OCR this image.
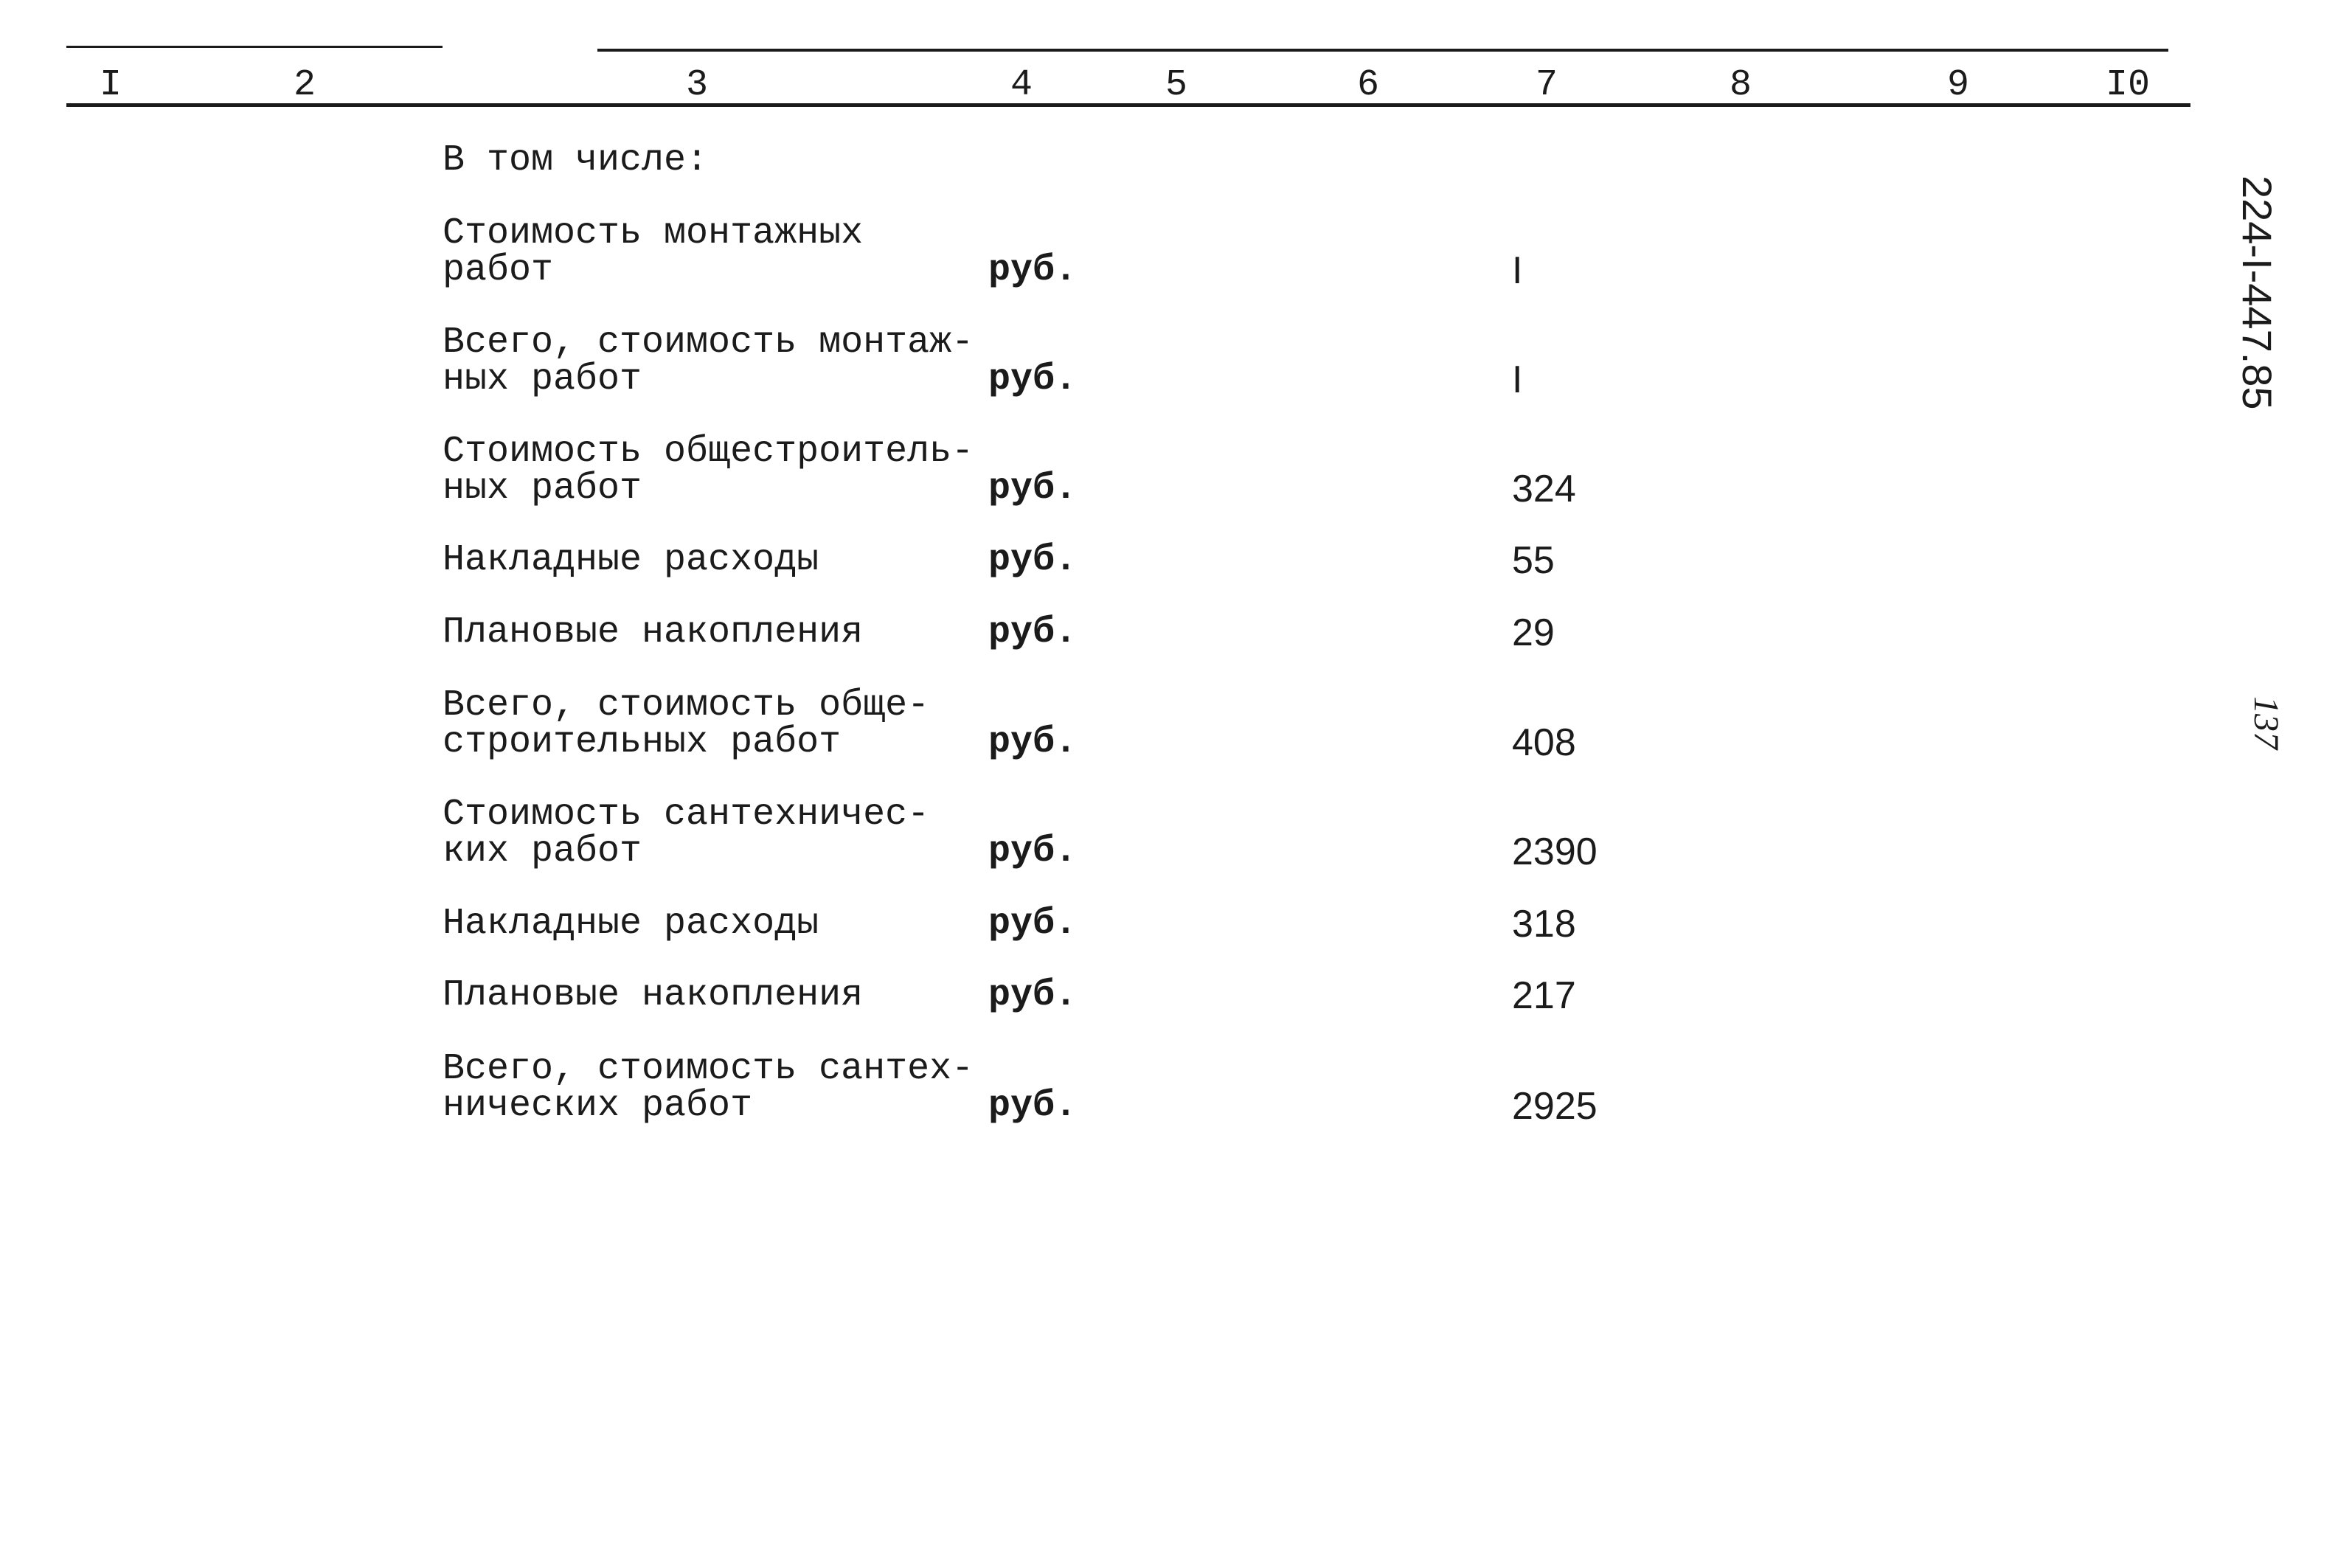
I	2	3	4	5	6	7	8	9	I0
В том числе:
Стоимость монтажных
работ	руб.	I
Всего, стоимость монтаж-
ных работ	руб.	I
Стоимость общестроитель-
ных работ	руб.	324
Накладные расходы	руб.	55
Плановые накопления	руб.	29
Всего, стоимость обще-
строительных работ	руб.	408
Стоимость сантехничес-
ких работ	руб.	2390
Накладные расходы	руб.	318
Плановые накопления	руб.	217
Всего, стоимость сантех-
нических работ	руб.	2925
224-I-447.85
137
